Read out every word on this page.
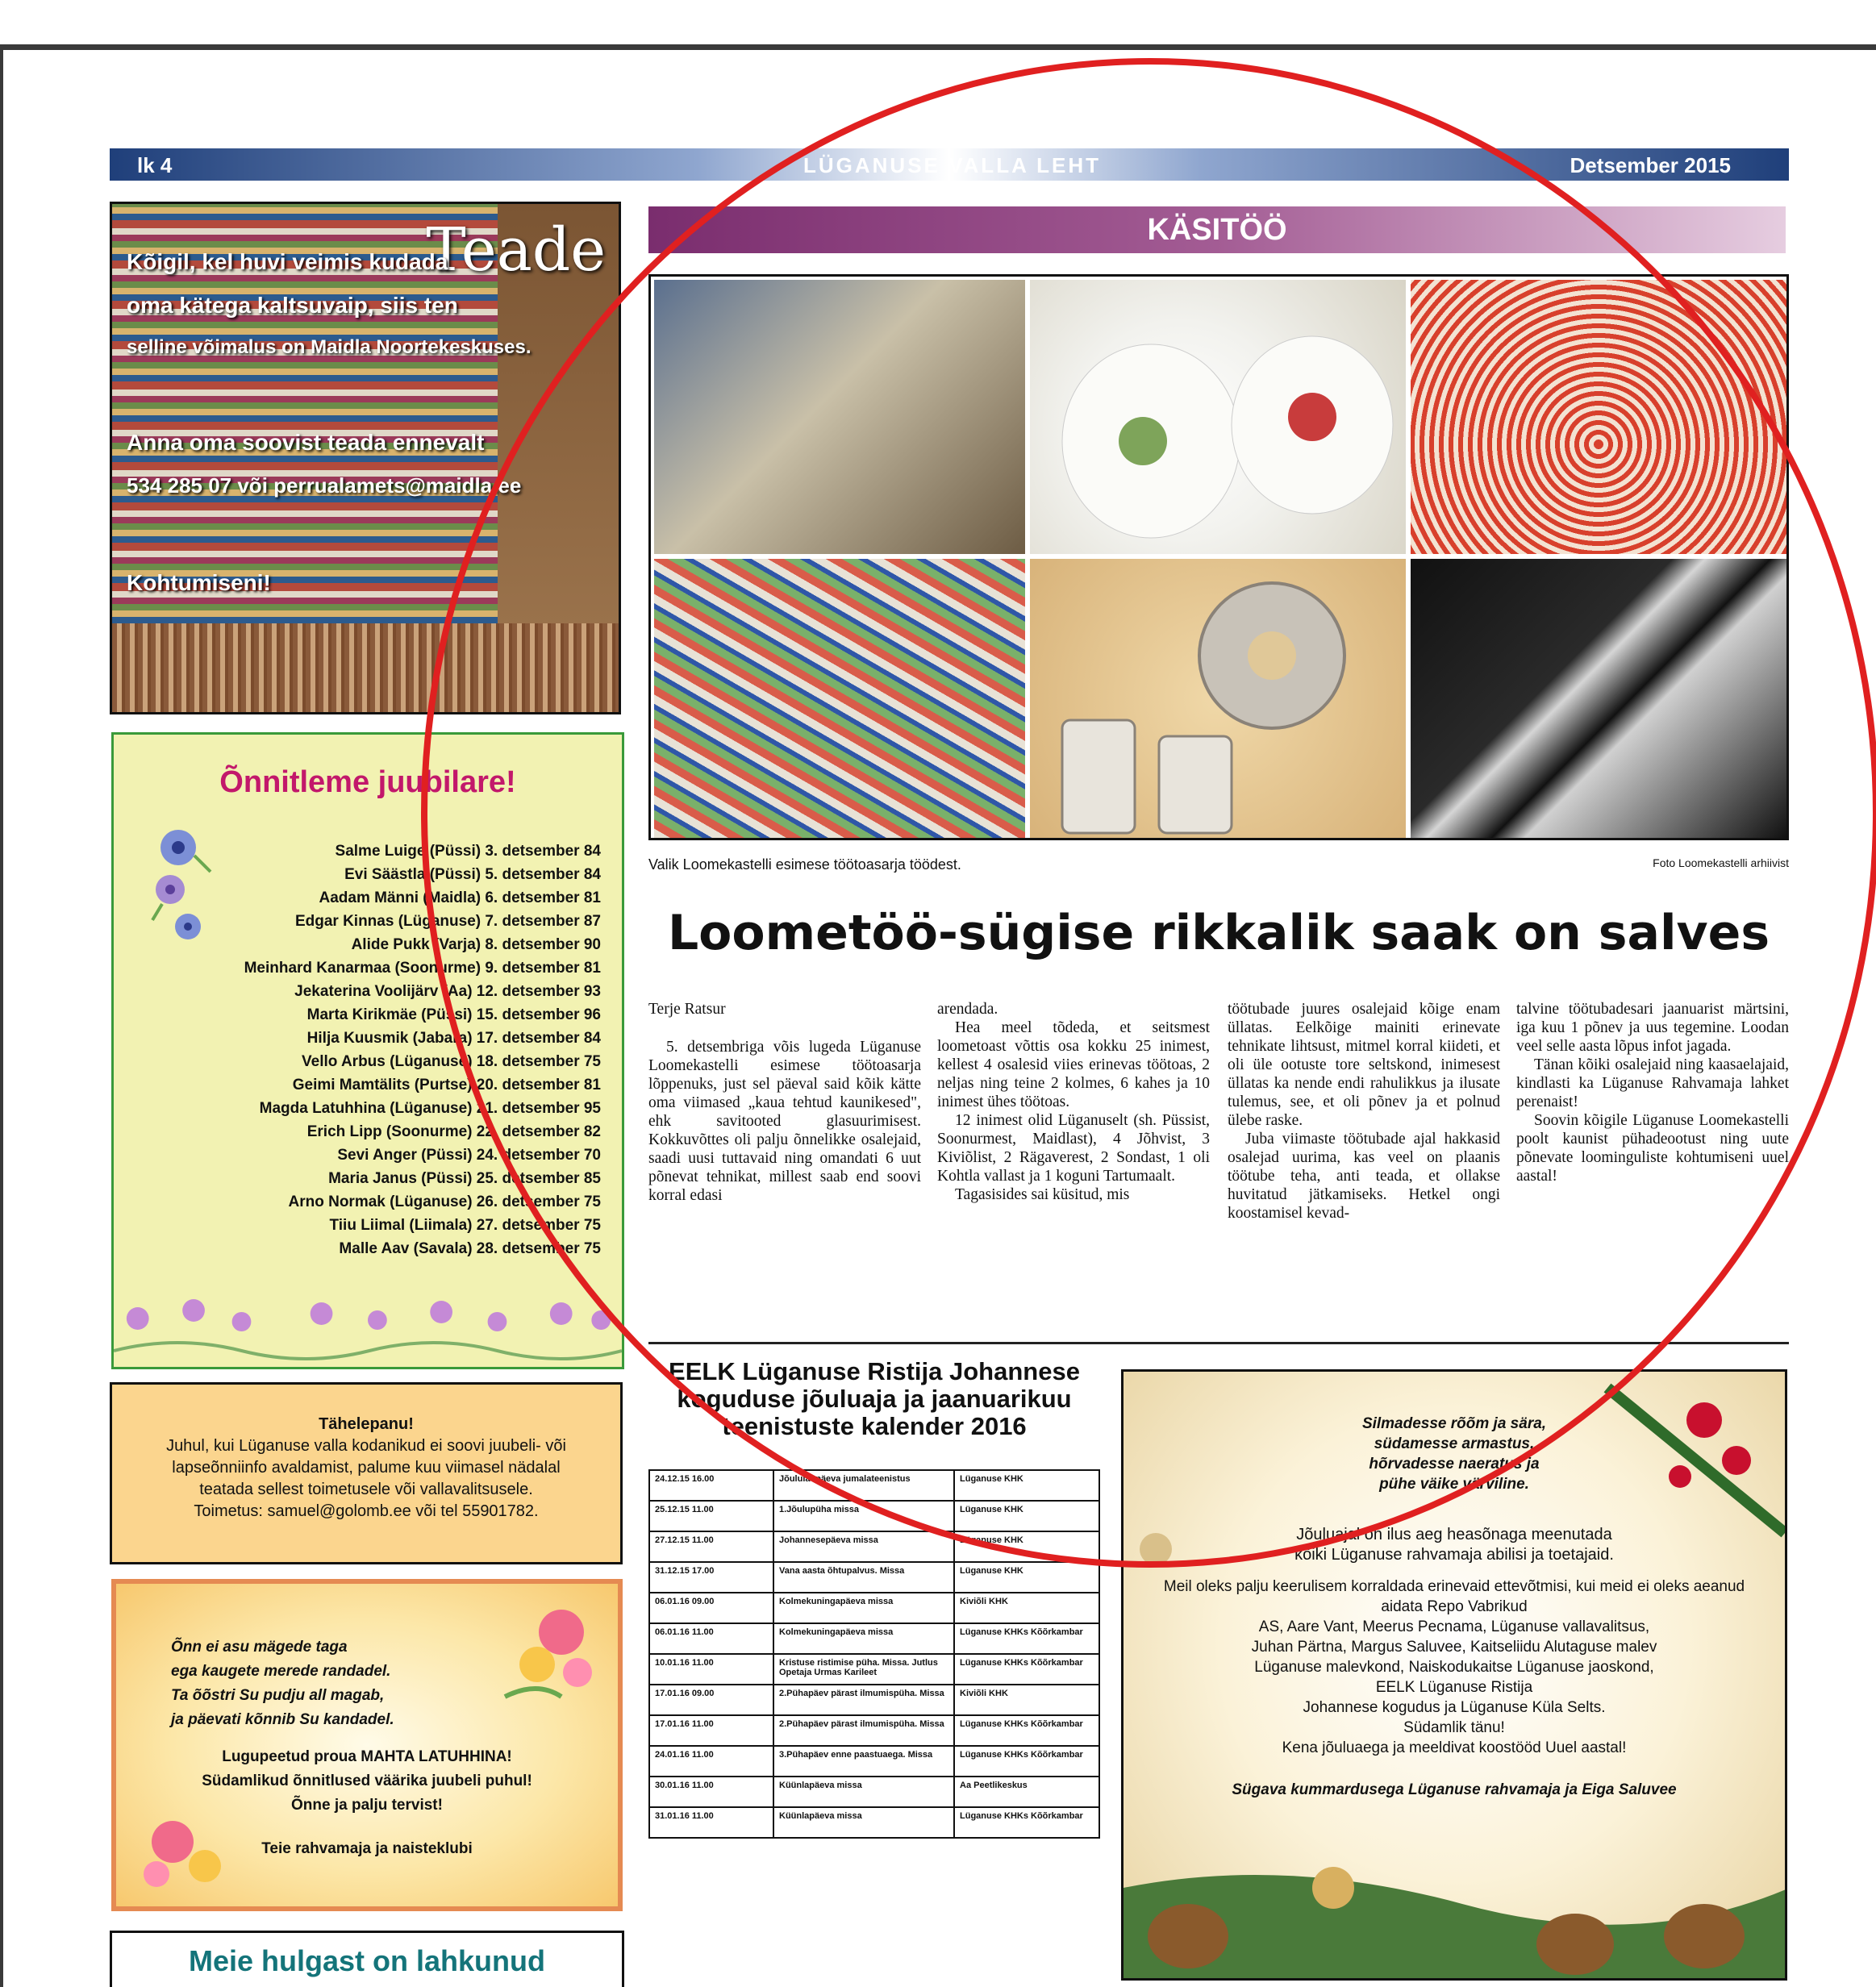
lk 4	LÜGANUSE VALLA LEHT	Detsember 2015
Teade
Kõigil, kel huvi veimis kudada
oma kätega kaltsuvaip, siis ten
selline võimalus on Maidla Noortekeskuses.
Anna oma soovist teada ennevalt
534 285 07 või perrualamets@maidla.ee
Kohtumiseni!
Õnnitleme juubilare!
Salme Luige (Püssi) 3. detsember 84
Evi Säästla (Püssi) 5. detsember 84
Aadam Männi (Maidla) 6. detsember 81
Edgar Kinnas (Lüganuse) 7. detsember 87
Alide Pukk (Varja) 8. detsember 90
Meinhard Kanarmaa (Soonurme) 9. detsember 81
Jekaterina Voolijärv (Aa) 12. detsember 93
Marta Kirikmäe (Püssi) 15. detsember 96
Hilja Kuusmik (Jabara) 17. detsember 84
Vello Arbus (Lüganuse) 18. detsember 75
Geimi Mamtälits (Purtse) 20. detsember 81
Magda Latuhhina (Lüganuse) 21. detsember 95
Erich Lipp (Soonurme) 22. detsember 82
Sevi Anger (Püssi) 24. detsember 70
Maria Janus (Püssi) 25. detsember 85
Arno Normak (Lüganuse) 26. detsember 75
Tiiu Liimal (Liimala) 27. detsember 75
Malle Aav (Savala) 28. detsember 75
Tähelepanu!
Juhul, kui Lüganuse valla kodanikud ei soovi juubeli- või lapseõnniinfo avaldamist, palume kuu viimasel nädalal teatada sellest toimetusele või vallavalitsusele.
Toimetus: samuel@golomb.ee või tel 55901782.
Õnn ei asu mägede taga
ega kaugete merede randadel.
Ta õõstri Su pudju all magab,
ja päevati kõnnib Su kandadel.
Lugupeetud proua MAHTA LATUHHINA!
Südamlikud õnnitlused väärika juubeli puhul!
Õnne ja palju tervist!
Teie rahvamaja ja naisteklubi
Meie hulgast on lahkunud
KÄSITÖÖ
Valik Loomekastelli esimese töötoasarja töödest.	Foto Loomekastelli arhiivist
Loometöö-sügise rikkalik saak on salves
Terje Ratsur

5. detsembriga võis lugeda Lüganuse Loomekastelli esimese töötoasarja lõppenuks, just sel päeval said kõik kätte oma viimased „kaua tehtud kaunikesed", ehk savitooted glasuurimisest. Kokkuvõttes oli palju õnnelikke osalejaid, saadi uusi tuttavaid ning omandati 6 uut põnevat tehnikat, millest saab end soovi korral edasi

arendada.

Hea meel tõdeda, et seitsmest loometoast võttis osa kokku 25 inimest, kellest 4 osalesid viies erinevas töötoas, 2 neljas ning teine 2 kolmes, 6 kahes ja 10 inimest ühes töötoas.

12 inimest olid Lüganuselt (sh. Püssist, Soonurmest, Maidlast), 4 Jõhvist, 3 Kiviõlist, 2 Rägaverest, 2 Sondast, 1 oli Kohtla vallast ja 1 koguni Tartumaalt.

Tagasisides sai küsitud, mis

töötubade juures osalejaid kõige enam üllatas. Eelkõige mainiti erinevate tehnikate lihtsust, mitmel korral kiideti, et oli üle ootuste tore seltskond, inimesest üllatas ka nende endi rahulikkus ja ilusate tulemus, see, et oli põnev ja et polnud ülebe raske.

Juba viimaste töötubade ajal hakkasid osalejad uurima, kas veel on plaanis töötube teha, anti teada, et ollakse huvitatud jätkamiseks. Hetkel ongi koostamisel kevad-

talvine töötubadesari jaanuarist märtsini, iga kuu 1 põnev ja uus tegemine. Loodan veel selle aasta lõpus infot jagada.

Tänan kõiki osalejaid ning kaasaelajaid, kindlasti ka Lüganuse Rahvamaja lahket perenaist!

Soovin kõigile Lüganuse Loomekastelli poolt kaunist pühadeootust ning uute põnevate loominguliste kohtumiseni uuel aastal!

EELK Lüganuse Ristija Johannese koguduse jõuluaja ja jaanuarikuu teenistuste kalender 2016
24.12.15 16.00	Jõululaupäeva jumalateenistus	Lüganuse KHK
25.12.15 11.00	1.Jõulupüha missa	Lüganuse KHK
27.12.15 11.00	Johannesepäeva missa	Lüganuse KHK
31.12.15 17.00	Vana aasta õhtupalvus. Missa	Lüganuse KHK
06.01.16 09.00	Kolmekuningapäeva missa	Kiviõli KHK
06.01.16 11.00	Kolmekuningapäeva missa	Lüganuse KHKs Kõõrkambar
10.01.16 11.00	Kristuse ristimise püha. Missa. Jutlus Opetaja Urmas Karileet	Lüganuse KHKs Kõõrkambar
17.01.16 09.00	2.Pühapäev pärast ilmumispüha. Missa	Kiviõli KHK
17.01.16 11.00	2.Pühapäev pärast ilmumispüha. Missa	Lüganuse KHKs Kõõrkambar
24.01.16 11.00	3.Pühapäev enne paastuaega. Missa	Lüganuse KHKs Kõõrkambar
30.01.16 11.00	Küünlapäeva missa	Aa Peetlikeskus
31.01.16 11.00	Küünlapäeva missa	Lüganuse KHKs Kõõrkambar
Silmadesse rõõm ja sära,
südamesse armastus,
hõrvadesse naeratus ja
pühe väike värviline.
Jõuluajal on ilus aeg heasõnaga meenutada
kõiki Lüganuse rahvamaja abilisi ja toetajaid.
Meil oleks palju keerulisem korraldada erinevaid ettevõtmisi, kui meid ei oleks aeanud aidata Repo Vabrikud
AS, Aare Vant, Meerus Pecnama, Lüganuse vallavalitsus,
Juhan Pärtna, Margus Saluvee, Kaitseliidu Alutaguse malev
Lüganuse malevkond, Naiskodukaitse Lüganuse jaoskond,
EELK Lüganuse Ristija
Johannese kogudus ja Lüganuse Küla Selts.
Südamlik tänu!
Kena jõuluaega ja meeldivat koostööd Uuel aastal!
Sügava kummardusega Lüganuse rahvamaja ja Eiga Saluvee
